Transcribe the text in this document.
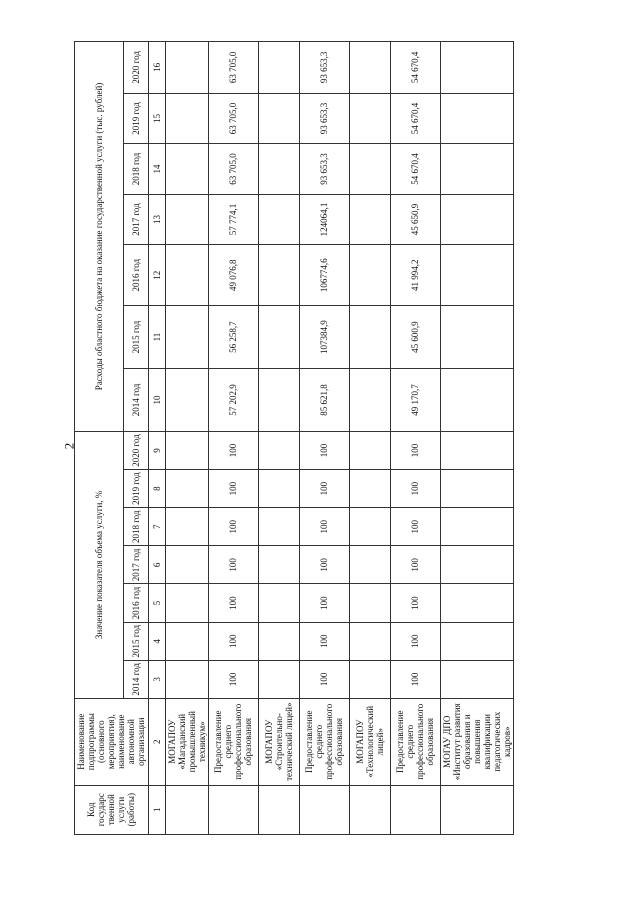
2
Код государс твенной услуги (работы)	Наименование подпрограммы (основного мероприятия), наименование автономной организации	Значение показателя объема услуги, %							Расходы областного бюджета на оказание государственной услуги (тыс. рублей)						
		2014 год	2015 год	2016 год	2017 год	2018 год	2019 год	2020 год	2014 год	2015 год	2016 год	2017 год	2018 год	2019 год	2020 год
1	2	3	4	5	6	7	8	9	10	11	12	13	14	15	16
	МОГАПОУ «Магаданский промышленный техникум»														
	Предоставление среднего профессионального образования	100	100	100	100	100	100	100	57 202,9	56 258,7	49 076,8	57 774,1	63 705,0	63 705,0	63 705,0
	МОГАПОУ «Строительно-технический лицей»														
	Предоставление среднего профессионального образования	100	100	100	100	100	100	100	85 621,8	107384,9	106774,6	124064,1	93 653,3	93 653,3	93 653,3
	МОГАПОУ «Технологический лицей»														
	Предоставление среднего профессионального образования	100	100	100	100	100	100	100	49 170,7	45 600,9	41 994,2	45 650,9	54 670,4	54 670,4	54 670,4
	МОГАУ ДПО «Институт развития образования и повышения квалификации педагогических кадров»														
